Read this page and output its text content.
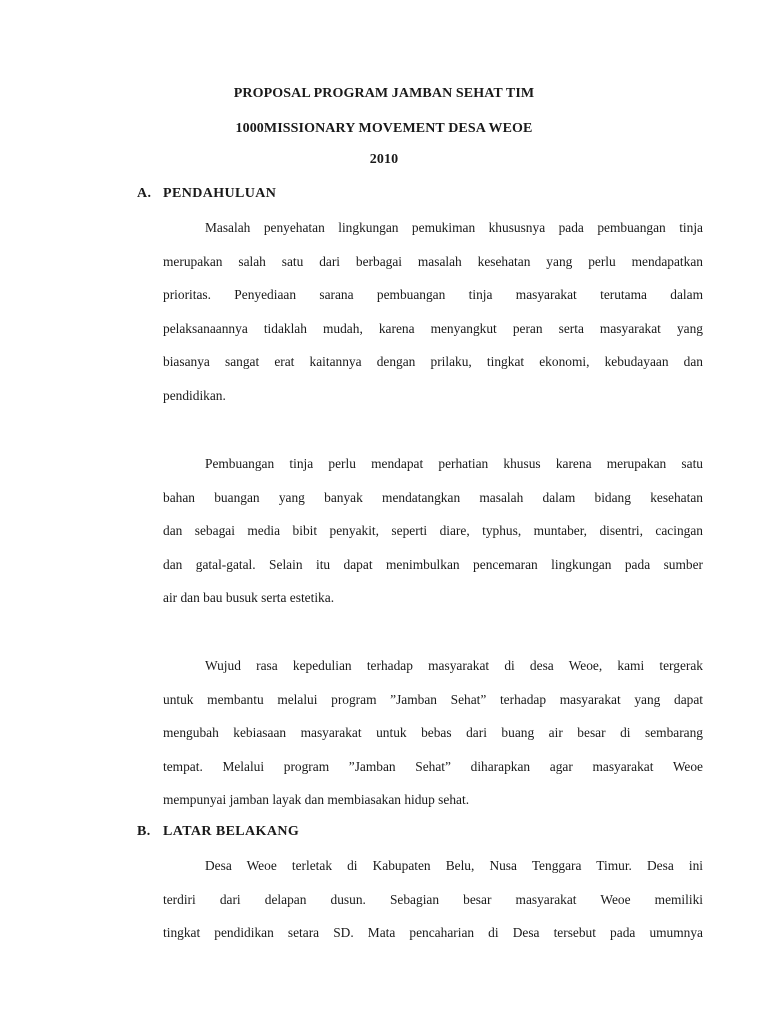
PROPOSAL PROGRAM JAMBAN SEHAT TIM
1000MISSIONARY MOVEMENT DESA WEOE
2010
A. PENDAHULUAN
Masalah penyehatan lingkungan pemukiman khususnya pada pembuangan tinja
merupakan salah satu dari berbagai masalah kesehatan yang perlu mendapatkan
prioritas. Penyediaan sarana pembuangan tinja masyarakat terutama dalam
pelaksanaannya tidaklah mudah, karena menyangkut peran serta masyarakat yang
biasanya sangat erat kaitannya dengan prilaku, tingkat ekonomi, kebudayaan dan
pendidikan.
Pembuangan tinja perlu mendapat perhatian khusus karena merupakan satu
bahan buangan yang banyak mendatangkan masalah dalam bidang kesehatan
dan sebagai media bibit penyakit, seperti diare, typhus, muntaber, disentri, cacingan
dan gatal-gatal. Selain itu dapat menimbulkan pencemaran lingkungan pada sumber
air dan bau busuk serta estetika.
Wujud rasa kepedulian terhadap masyarakat di desa Weoe, kami tergerak
untuk membantu melalui program ”Jamban Sehat” terhadap masyarakat yang dapat
mengubah kebiasaan masyarakat untuk bebas dari buang air besar di sembarang
tempat. Melalui program ”Jamban Sehat” diharapkan agar masyarakat Weoe
mempunyai jamban layak dan membiasakan hidup sehat.
B. LATAR BELAKANG
Desa Weoe terletak di Kabupaten Belu, Nusa Tenggara Timur. Desa ini
terdiri dari delapan dusun. Sebagian besar masyarakat Weoe memiliki
tingkat pendidikan setara SD. Mata pencaharian di Desa tersebut pada umumnya
